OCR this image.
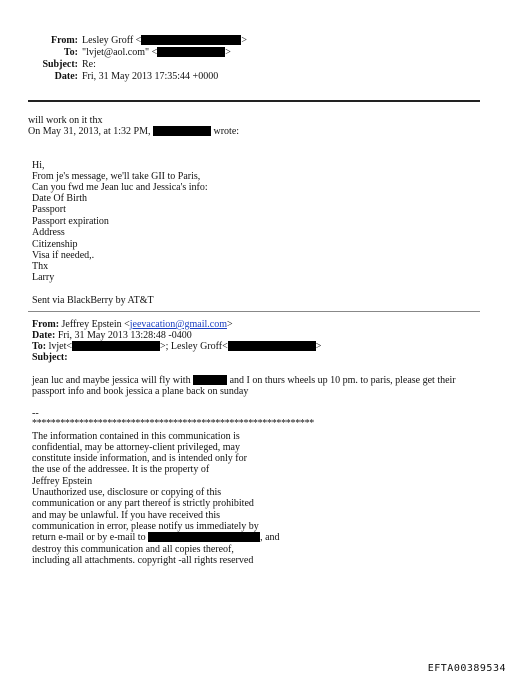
From: Lesley Groff <	>
To: "lvjet@aol.com" <	>
Subject: Re:
Date: Fri, 31 May 2013 17:35:44 +0000
will work on it thx
On May 31, 2013, at 1:32 PM,	wrote:
Hi,
From je's message, we'll take GII to Paris,
Can you fwd me Jean luc and Jessica's info:
Date Of Birth
Passport
Passport expiration
Address
Citizenship
Visa if needed,.
Thx
Larry
Sent via BlackBerry by AT&T
From: Jeffrey Epstein <jeevacation@gmail.com>
Date: Fri, 31 May 2013 13:28:48 -0400
To: lvjet<	>; Lesley Groff<	>
Subject:
jean luc and maybe jessica will fly with	and I on thurs wheels up 10 pm. to paris, please get their
passport info and book jessica a plane back on sunday
--
************************************************************
The information contained in this communication is
confidential, may be attorney-client privileged, may
constitute inside information, and is intended only for
the use of the addressee. It is the property of
Jeffrey Epstein
Unauthorized use, disclosure or copying of this
communication or any part thereof is strictly prohibited
and may be unlawful. If you have received this
communication in error, please notify us immediately by
return e-mail or by e-mail to	, and
destroy this communication and all copies thereof,
including all attachments. copyright -all rights reserved
EFTA00389534
